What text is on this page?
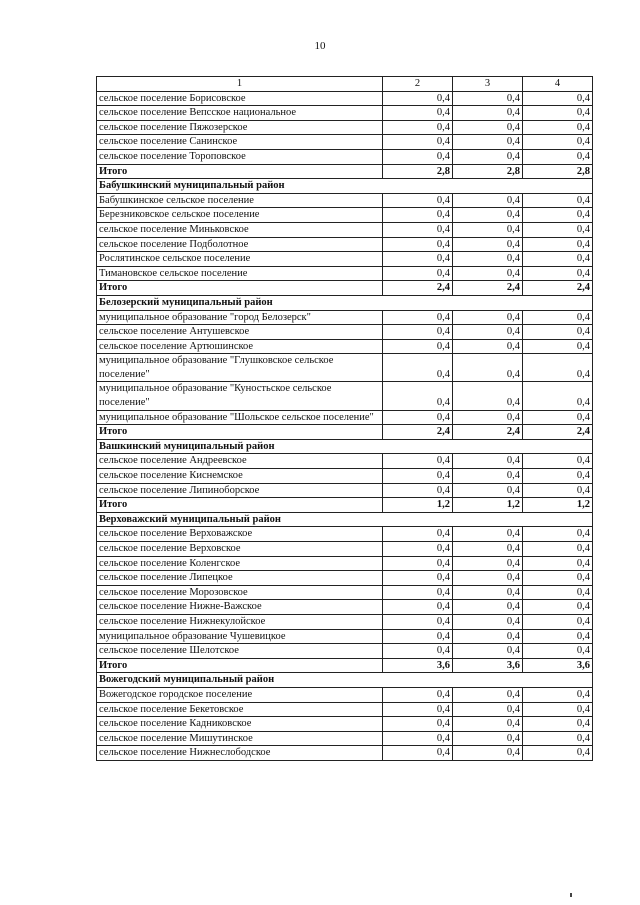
10
1	2	3	4
сельское поселение Борисовское	0,4	0,4	0,4
сельское поселение Вепсское национальное	0,4	0,4	0,4
сельское поселение Пяжозерское	0,4	0,4	0,4
сельское поселение Санинское	0,4	0,4	0,4
сельское поселение Тороповское	0,4	0,4	0,4
Итого	2,8	2,8	2,8
Бабушкинский муниципальный район			
Бабушкинское сельское поселение	0,4	0,4	0,4
Березниковское сельское поселение	0,4	0,4	0,4
сельское поселение Миньковское	0,4	0,4	0,4
сельское поселение Подболотное	0,4	0,4	0,4
Рослятинское сельское поселение	0,4	0,4	0,4
Тимановское сельское поселение	0,4	0,4	0,4
Итого	2,4	2,4	2,4
Белозерский муниципальный район			
муниципальное образование "город Белозерск"	0,4	0,4	0,4
сельское поселение Антушевское	0,4	0,4	0,4
сельское поселение Артюшинское	0,4	0,4	0,4
муниципальное образование "Глушковское сельское поселение"	0,4	0,4	0,4
муниципальное образование "Куностьское сельское поселение"	0,4	0,4	0,4
муниципальное образование "Шольское сельское поселение"	0,4	0,4	0,4
Итого	2,4	2,4	2,4
Вашкинский муниципальный район			
сельское поселение Андреевское	0,4	0,4	0,4
сельское поселение Киснемское	0,4	0,4	0,4
сельское поселение Липиноборское	0,4	0,4	0,4
Итого	1,2	1,2	1,2
Верховажский муниципальный район			
сельское поселение Верховажское	0,4	0,4	0,4
сельское поселение Верховское	0,4	0,4	0,4
сельское поселение Коленгское	0,4	0,4	0,4
сельское поселение Липецкое	0,4	0,4	0,4
сельское поселение Морозовское	0,4	0,4	0,4
сельское поселение Нижне-Важское	0,4	0,4	0,4
сельское поселение Нижнекулойское	0,4	0,4	0,4
муниципальное образование Чушевицкое	0,4	0,4	0,4
сельское поселение Шелотское	0,4	0,4	0,4
Итого	3,6	3,6	3,6
Вожегодский муниципальный район			
Вожегодское городское поселение	0,4	0,4	0,4
сельское поселение Бекетовское	0,4	0,4	0,4
сельское поселение Кадниковское	0,4	0,4	0,4
сельское поселение Мишутинское	0,4	0,4	0,4
сельское поселение Нижнеслободское	0,4	0,4	0,4
